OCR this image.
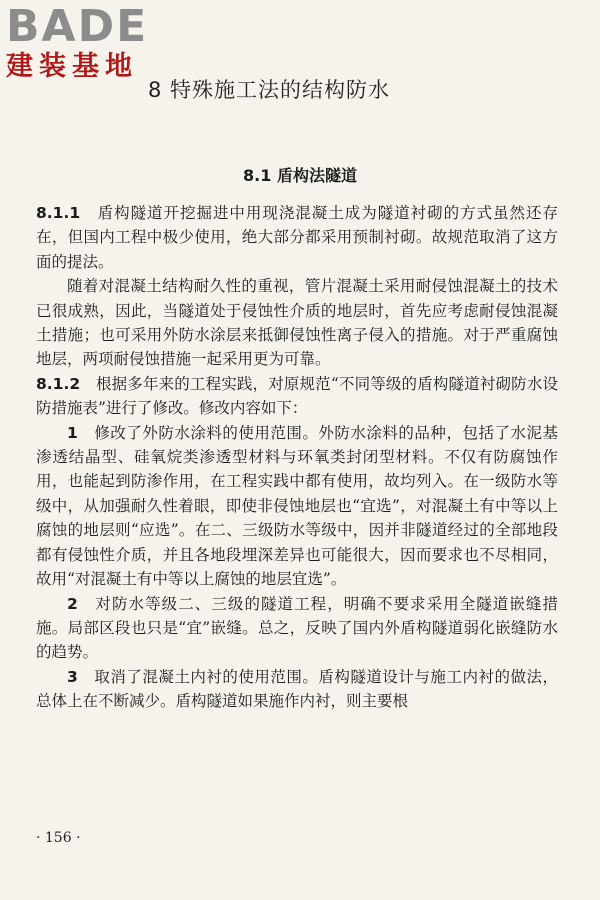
BADE
建装基地
8 特殊施工法的结构防水
8.1 盾构法隧道

8.1.1　 盾构隧道开挖掘进中用现浇混凝土成为隧道衬砌的方式虽然还存在，但国内工程中极少使用，绝大部分都采用预制衬砌。故规范取消了这方面的提法。

随着对混凝土结构耐久性的重视，管片混凝土采用耐侵蚀混凝土的技术已很成熟，因此，当隧道处于侵蚀性介质的地层时，首先应考虑耐侵蚀混凝土措施；也可采用外防水涂层来抵御侵蚀性离子侵入的措施。对于严重腐蚀地层，两项耐侵蚀措施一起采用更为可靠。

8.1.2　 根据多年来的工程实践，对原规范“不同等级的盾构隧道衬砌防水设防措施表”进行了修改。修改内容如下：

1　 修改了外防水涂料的使用范围。外防水涂料的品种，包括了水泥基渗透结晶型、硅氧烷类渗透型材料与环氧类封闭型材料。不仅有防腐蚀作用，也能起到防渗作用，在工程实践中都有使用，故均列入。在一级防水等级中，从加强耐久性着眼，即使非侵蚀地层也“宜选”，对混凝土有中等以上腐蚀的地层则“应选”。在二、三级防水等级中，因并非隧道经过的全部地段都有侵蚀性介质，并且各地段埋深差异也可能很大，因而要求也不尽相同，故用“对混凝土有中等以上腐蚀的地层宜选”。

2　 对防水等级二、三级的隧道工程，明确不要求采用全隧道嵌缝措施。局部区段也只是“宜”嵌缝。总之，反映了国内外盾构隧道弱化嵌缝防水的趋势。

3　 取消了混凝土内衬的使用范围。盾构隧道设计与施工内衬的做法，总体上在不断减少。盾构隧道如果施作内衬，则主要根

· 156 ·
